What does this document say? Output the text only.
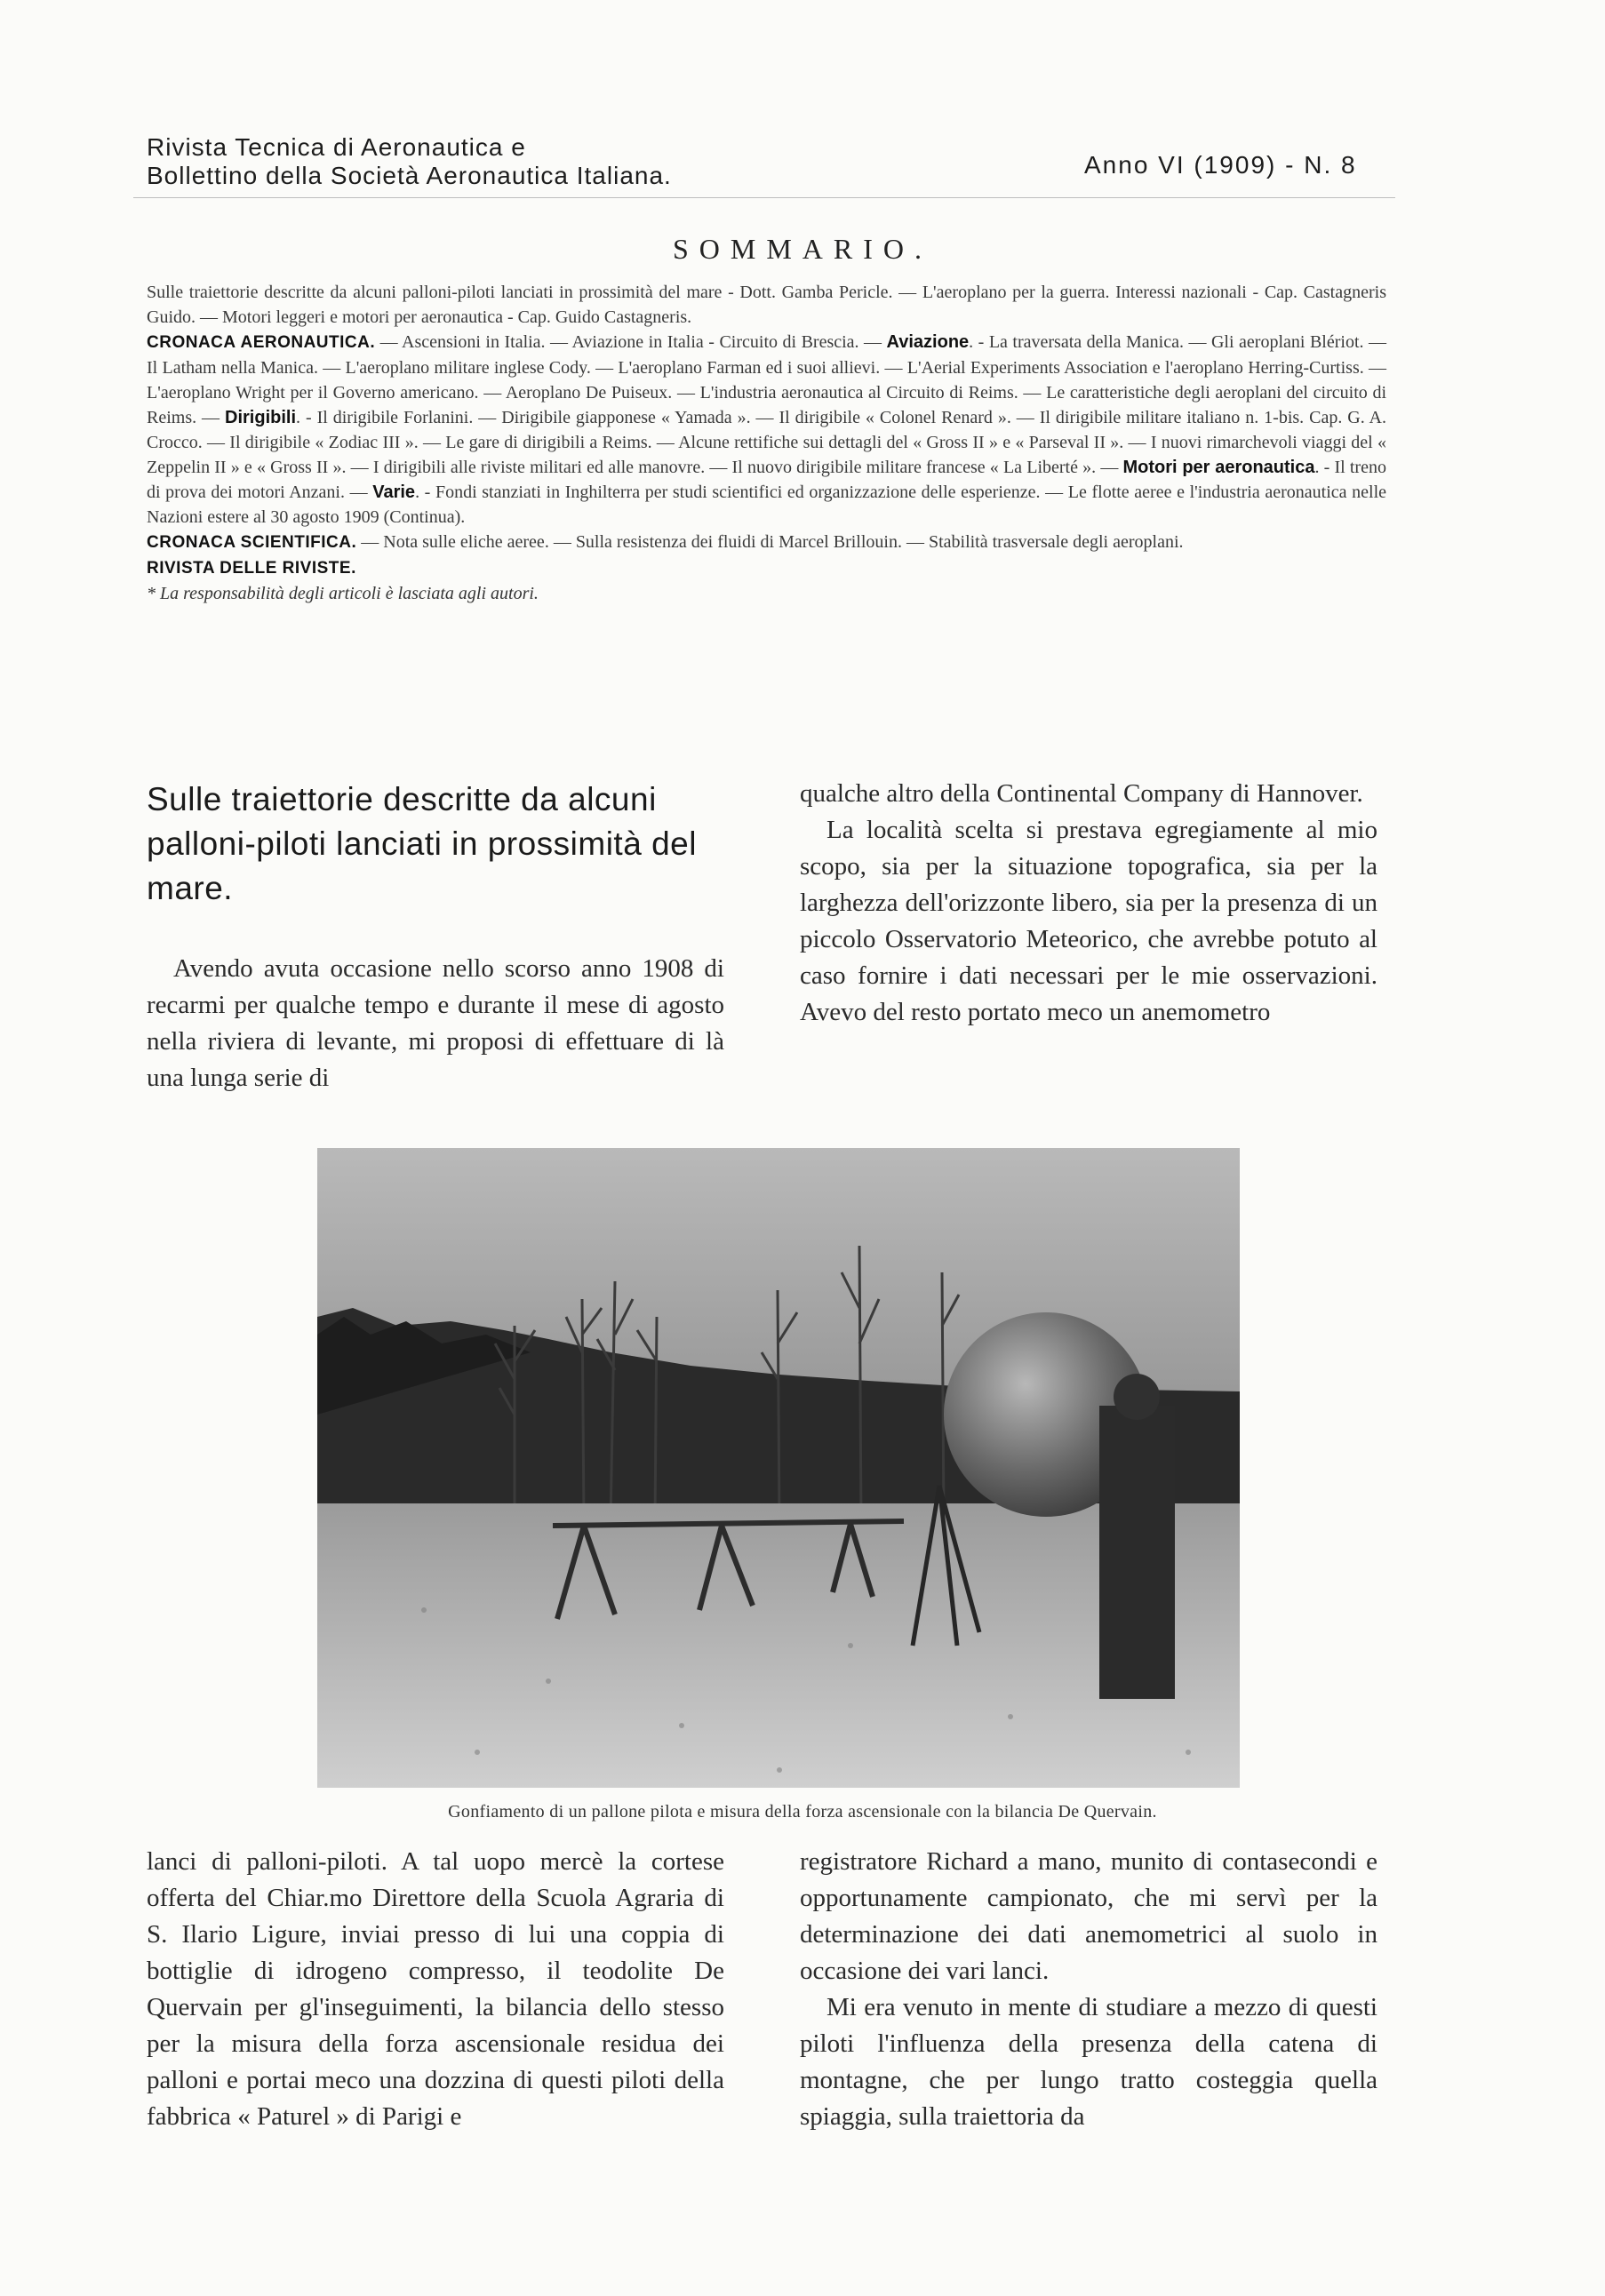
Rivista Tecnica di Aeronautica e
Bollettino della Società Aeronautica Italiana.	Anno VI (1909) - N. 8
SOMMARIO.

Sulle traiettorie descritte da alcuni palloni-piloti lanciati in prossimità del mare - Dott. Gamba Pericle. — L'aeroplano per la guerra. Interessi nazionali - Cap. Castagneris Guido. — Motori leggeri e motori per aeronautica - Cap. Guido Castagneris.

CRONACA AERONAUTICA. — Ascensioni in Italia. — Aviazione in Italia - Circuito di Brescia. — Aviazione. - La traversata della Manica. — Gli aeroplani Blériot. — Il Latham nella Manica. — L'aeroplano militare inglese Cody. — L'aeroplano Farman ed i suoi allievi. — L'Aerial Experiments Association e l'aeroplano Herring-Curtiss. — L'aeroplano Wright per il Governo americano. — Aeroplano De Puiseux. — L'industria aeronautica al Circuito di Reims. — Le caratteristiche degli aeroplani del circuito di Reims. — Dirigibili. - Il dirigibile Forlanini. — Dirigibile giapponese « Yamada ». — Il dirigibile « Colonel Renard ». — Il dirigibile militare italiano n. 1-bis. Cap. G. A. Crocco. — Il dirigibile « Zodiac III ». — Le gare di dirigibili a Reims. — Alcune rettifiche sui dettagli del « Gross II » e « Parseval II ». — I nuovi rimarchevoli viaggi del « Zeppelin II » e « Gross II ». — I dirigibili alle riviste militari ed alle manovre. — Il nuovo dirigibile militare francese « La Liberté ». — Motori per aeronautica. - Il treno di prova dei motori Anzani. — Varie. - Fondi stanziati in Inghilterra per studi scientifici ed organizzazione delle esperienze. — Le flotte aeree e l'industria aeronautica nelle Nazioni estere al 30 agosto 1909 (Continua).

CRONACA SCIENTIFICA. — Nota sulle eliche aeree. — Sulla resistenza dei fluidi di Marcel Brillouin. — Stabilità trasversale degli aeroplani.

RIVISTA DELLE RIVISTE.

* La responsabilità degli articoli è lasciata agli autori.

Sulle traiettorie descritte da alcuni palloni-piloti lanciati in prossimità del mare.

Avendo avuta occasione nello scorso anno 1908 di recarmi per qualche tempo e durante il mese di agosto nella riviera di levante, mi proposi di effettuare di là una lunga serie di

qualche altro della Continental Company di Hannover.

La località scelta si prestava egregiamente al mio scopo, sia per la situazione topografica, sia per la larghezza dell'orizzonte libero, sia per la presenza di un piccolo Osservatorio Meteorico, che avrebbe potuto al caso fornire i dati necessari per le mie osservazioni. Avevo del resto portato meco un anemometro

Gonfiamento di un pallone pilota e misura della forza ascensionale con la bilancia De Quervain.

lanci di palloni-piloti. A tal uopo mercè la cortese offerta del Chiar.mo Direttore della Scuola Agraria di S. Ilario Ligure, inviai presso di lui una coppia di bottiglie di idrogeno compresso, il teodolite De Quervain per gl'inseguimenti, la bilancia dello stesso per la misura della forza ascensionale residua dei palloni e portai meco una dozzina di questi piloti della fabbrica « Paturel » di Parigi e

registratore Richard a mano, munito di contasecondi e opportunamente campionato, che mi servì per la determinazione dei dati anemometrici al suolo in occasione dei vari lanci.

Mi era venuto in mente di studiare a mezzo di questi piloti l'influenza della presenza della catena di montagne, che per lungo tratto costeggia quella spiaggia, sulla traiettoria da
